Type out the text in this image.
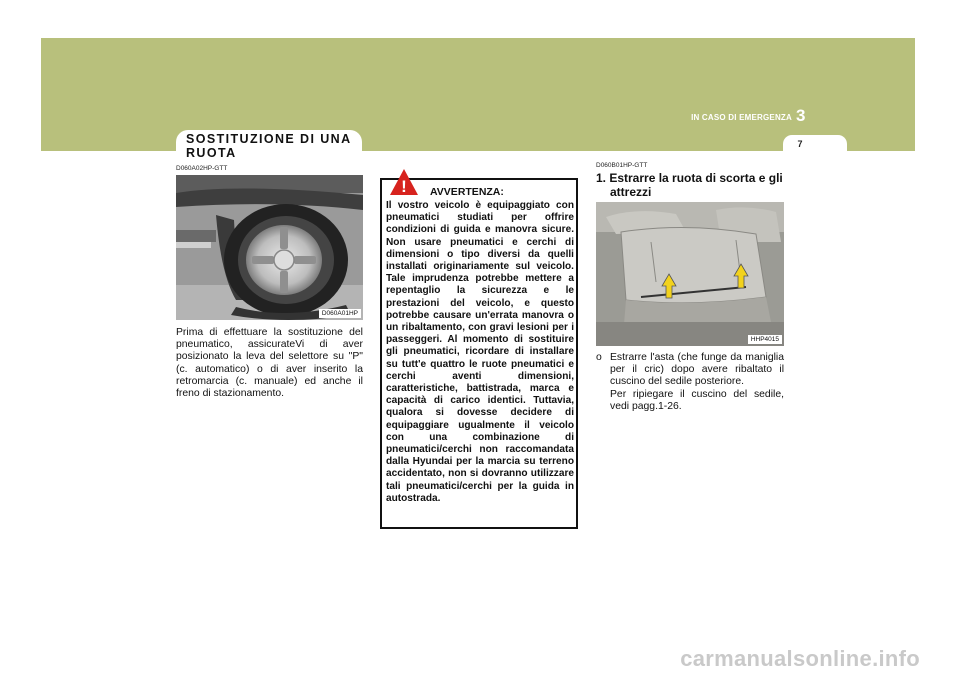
IN CASO DI EMERGENZA 3
7
SOSTITUZIONE DI UNA RUOTA
D060A02HP-GTT
D060A01HP
Prima di effettuare la sostituzione del pneumatico, assicurateVi di aver posizionato la leva del selettore su "P" (c. automatico) o di aver inserito la retromarcia (c. manuale) ed anche il freno di stazionamento.
! AVVERTENZA:
Il vostro veicolo è equipaggiato con pneumatici studiati per offrire condizioni di guida e manovra sicure. Non usare pneumatici e cerchi di dimensioni o tipo diversi da quelli installati originariamente sul veicolo. Tale imprudenza potrebbe mettere a repentaglio la sicurezza e le prestazioni del veicolo, e questo potrebbe causare un'errata manovra o un ribaltamento, con gravi lesioni per i passeggeri. Al momento di sostituire gli pneumatici, ricordare di installare su tutt'e quattro le ruote pneumatici e cerchi aventi dimensioni, caratteristiche, battistrada, marca e capacità di carico identici. Tuttavia, qualora si dovesse decidere di equipaggiare ugualmente il veicolo con una combinazione di pneumatici/cerchi non raccomandata dalla Hyundai per la marcia su terreno accidentato, non si dovranno utilizzare tali pneumatici/cerchi per la guida in autostrada.
D060B01HP-GTT
1. Estrarre la ruota di scorta e gli
attrezzi
HHP4015
o Estrarre l'asta (che funge da maniglia per il cric) dopo avere ribaltato il cuscino del sedile posteriore.
Per ripiegare il cuscino del sedile, vedi pagg.1-26.
carmanualsonline.info
